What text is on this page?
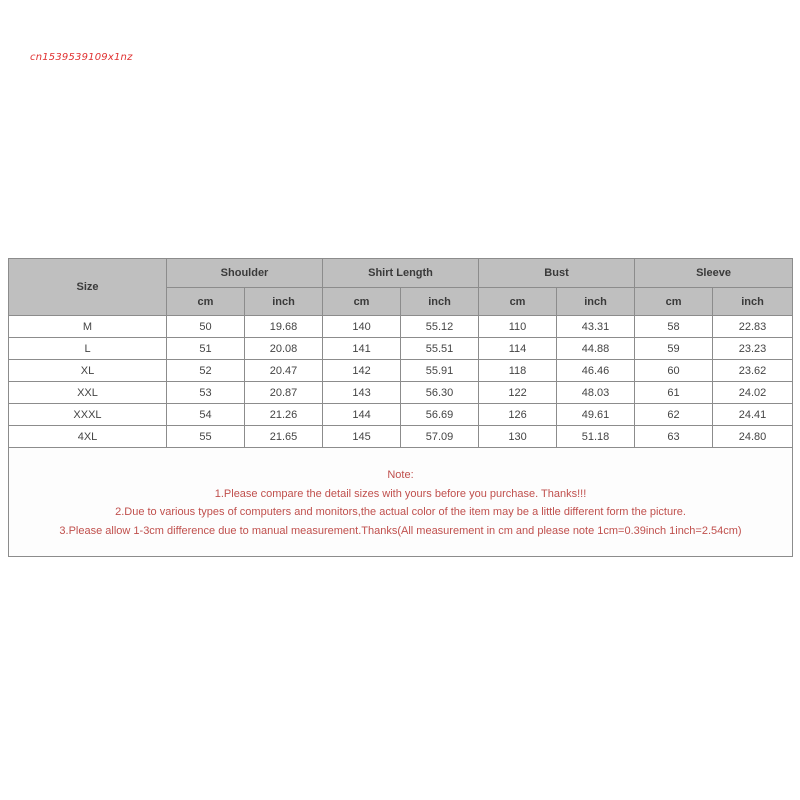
cn1539539109x1nz
Size	Shoulder		Shirt Length		Bust		Sleeve	
	cm	inch	cm	inch	cm	inch	cm	inch
M	50	19.68	140	55.12	110	43.31	58	22.83
L	51	20.08	141	55.51	114	44.88	59	23.23
XL	52	20.47	142	55.91	118	46.46	60	23.62
XXL	53	20.87	143	56.30	122	48.03	61	24.02
XXXL	54	21.26	144	56.69	126	49.61	62	24.41
4XL	55	21.65	145	57.09	130	51.18	63	24.80

Note:
1.Please compare the detail sizes with yours before you purchase. Thanks!!!
2.Due to various types of computers and monitors,the actual color of the item may be a little different form the picture.
3.Please allow 1-3cm difference due to manual measurement.Thanks(All measurement in cm and please note 1cm=0.39inch 1inch=2.54cm)								
